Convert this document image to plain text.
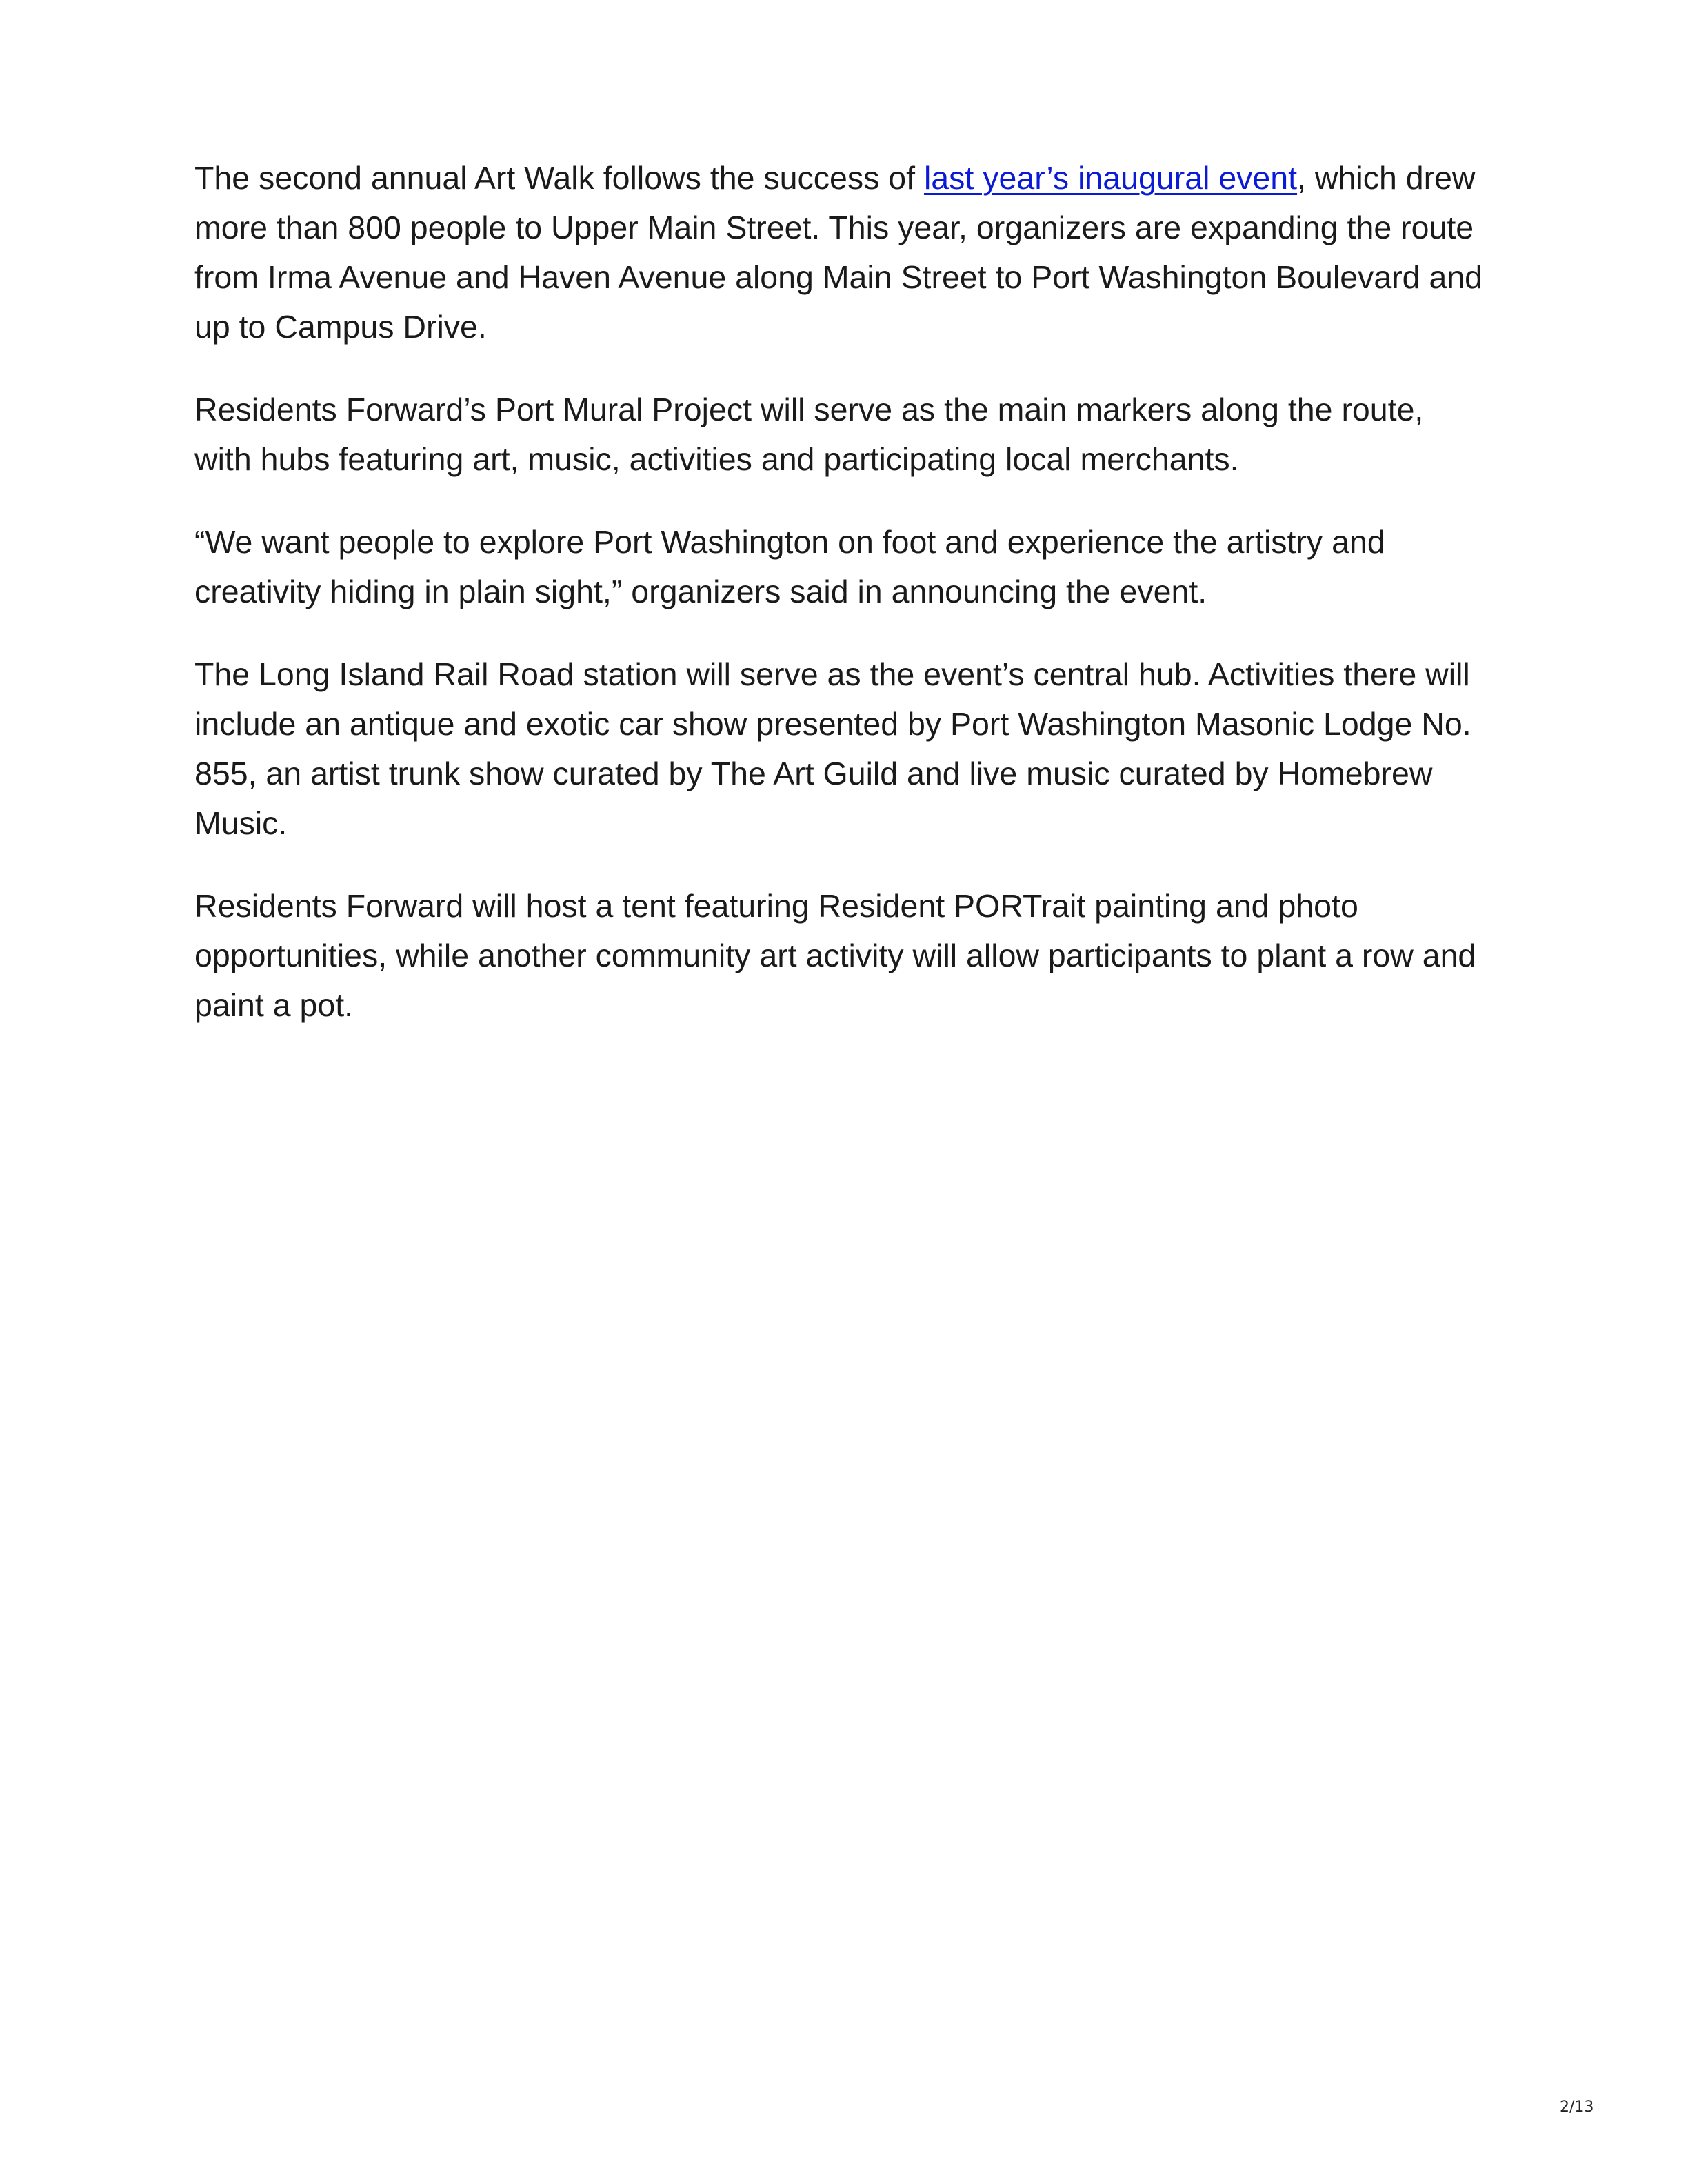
The second annual Art Walk follows the success of last year’s inaugural event, which drew more than 800 people to Upper Main Street. This year, organizers are expanding the route from Irma Avenue and Haven Avenue along Main Street to Port Washington Boulevard and up to Campus Drive.

Residents Forward’s Port Mural Project will serve as the main markers along the route, with hubs featuring art, music, activities and participating local merchants.

“We want people to explore Port Washington on foot and experience the artistry and creativity hiding in plain sight,” organizers said in announcing the event.

The Long Island Rail Road station will serve as the event’s central hub. Activities there will include an antique and exotic car show presented by Port Washington Masonic Lodge No. 855, an artist trunk show curated by The Art Guild and live music curated by Homebrew Music.

Residents Forward will host a tent featuring Resident PORTrait painting and photo opportunities, while another community art activity will allow participants to plant a row and paint a pot.

2/13
